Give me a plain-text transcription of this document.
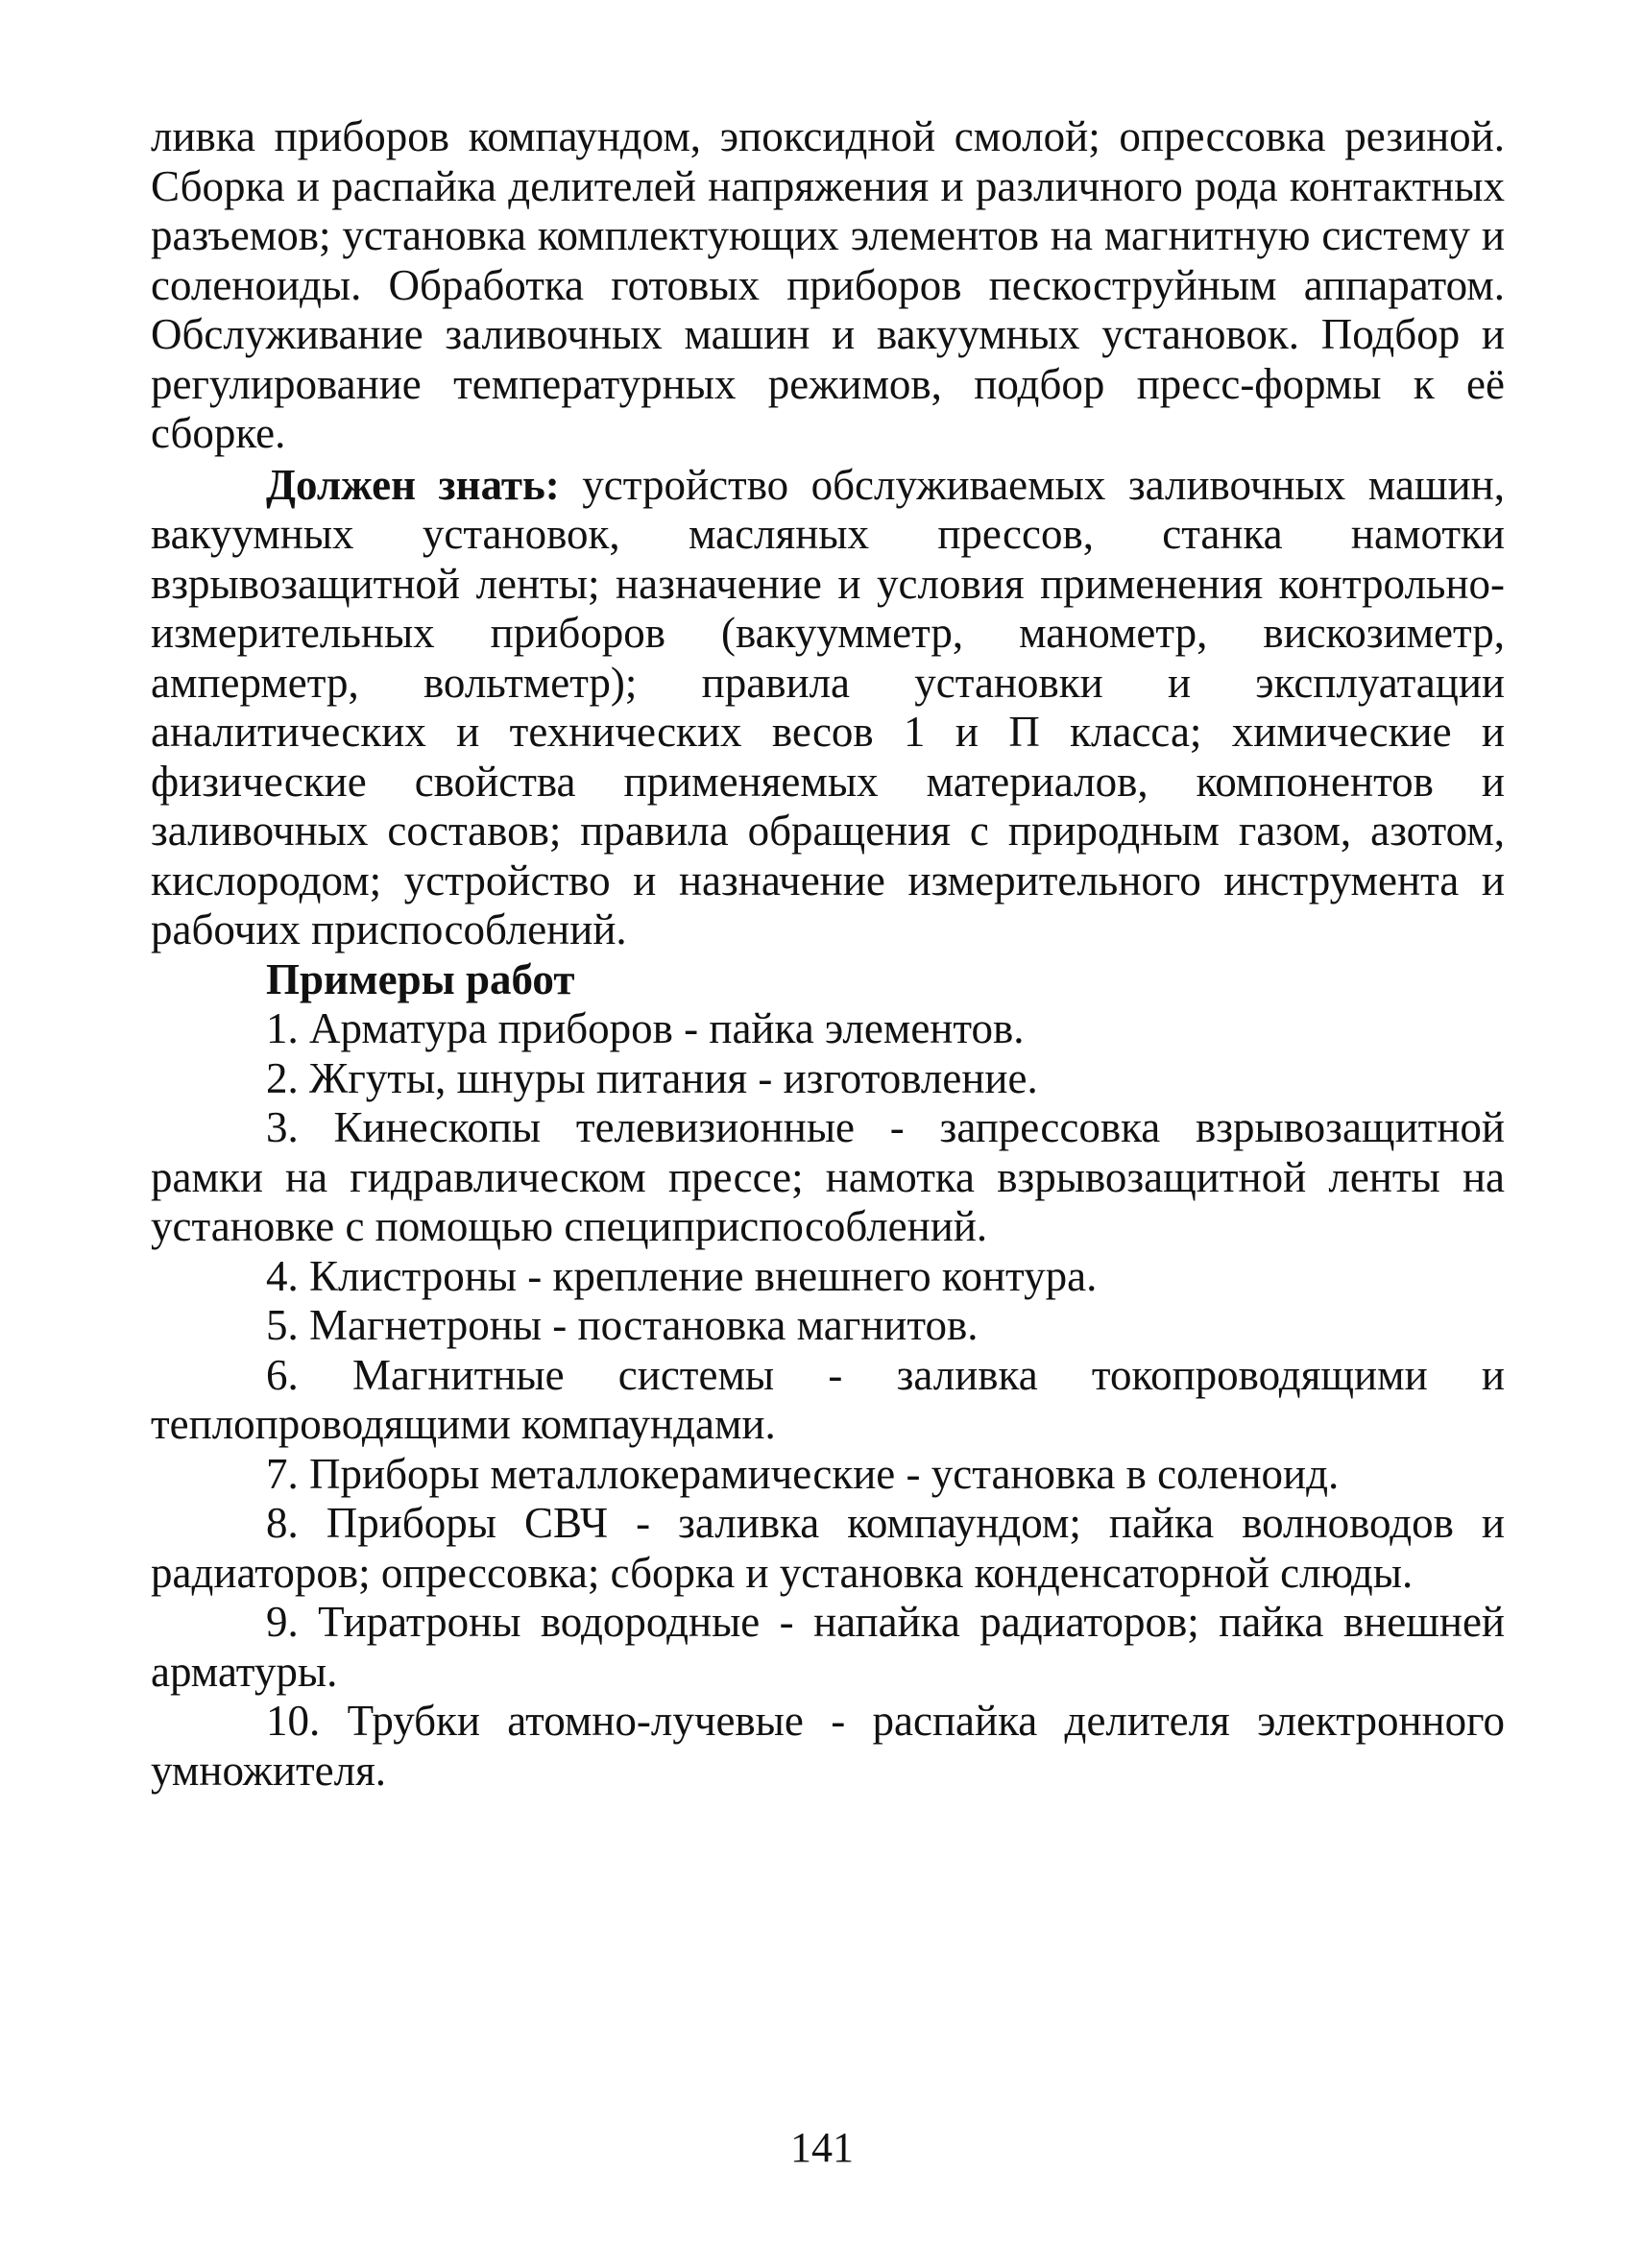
ливка приборов компаундом, эпоксидной смолой; опрессовка резиной. Сборка и распайка делителей напряжения и различного рода контактных разъемов; установка комплектующих элементов на магнитную систему и соленоиды. Обработка готовых приборов пескоструйным аппаратом. Обслуживание заливочных машин и вакуумных установок. Подбор и регулирование температурных режимов, подбор пресс-формы к её сборке.

Должен знать: устройство обслуживаемых заливочных машин, вакуумных установок, масляных прессов, станка намотки взрывозащитной ленты; назначение и условия применения контрольно-измерительных приборов (вакуумметр, манометр, вискозиметр, амперметр, вольтметр); правила установки и эксплуатации аналитических и технических весов 1 и П класса; химические и физические свойства применяемых материалов, компонентов и заливочных составов; правила обращения с природным газом, азотом, кислородом; устройство и назначение измерительного инструмента и рабочих приспособлений.

Примеры работ

1. Арматура приборов - пайка элементов.

2. Жгуты, шнуры питания - изготовление.

3. Кинескопы телевизионные - запрессовка взрывозащитной рамки на гидравлическом прессе; намотка взрывозащитной ленты на установке с помощью специприспособлений.

4. Клистроны - крепление внешнего контура.

5. Магнетроны - постановка магнитов.

6. Магнитные системы - заливка токопроводящими и теплопроводящими компаундами.

7. Приборы металлокерамические - установка в соленоид.

8. Приборы СВЧ - заливка компаундом; пайка волноводов и радиаторов; опрессовка; сборка и установка конденсаторной слюды.

9. Тиратроны водородные - напайка радиаторов; пайка внешней арматуры.

10. Трубки атомно-лучевые - распайка делителя электронного умножителя.

141
